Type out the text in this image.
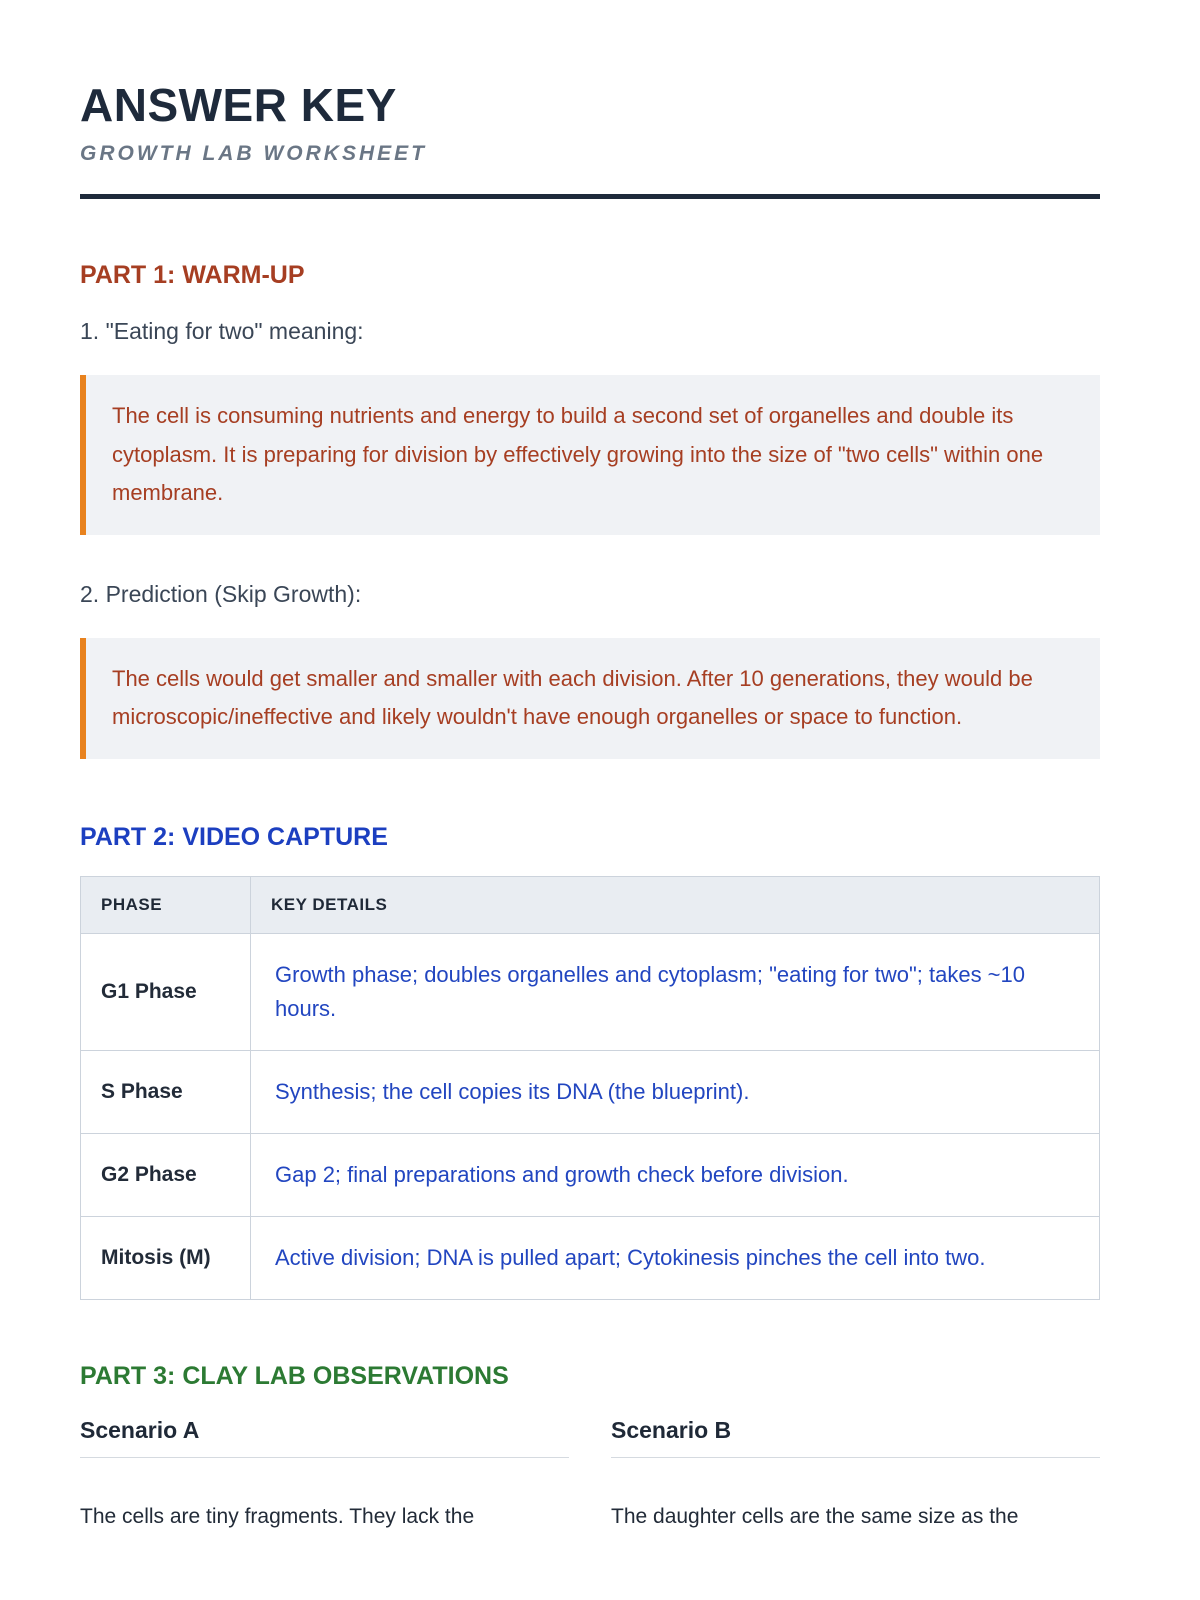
ANSWER KEY
GROWTH LAB WORKSHEET
PART 1: WARM-UP

1. "Eating for two" meaning:

The cell is consuming nutrients and energy to build a second set of organelles and double its cytoplasm. It is preparing for division by effectively growing into the size of "two cells" within one membrane.

2. Prediction (Skip Growth):

The cells would get smaller and smaller with each division. After 10 generations, they would be microscopic/ineffective and likely wouldn't have enough organelles or space to function.

PART 2: VIDEO CAPTURE
PHASE	KEY DETAILS
G1 Phase	Growth phase; doubles organelles and cytoplasm; "eating for two"; takes ~10 hours.
S Phase	Synthesis; the cell copies its DNA (the blueprint).
G2 Phase	Gap 2; final preparations and growth check before division.
Mitosis (M)	Active division; DNA is pulled apart; Cytokinesis pinches the cell into two.
PART 3: CLAY LAB OBSERVATIONS
Scenario A

The cells are tiny fragments. They lack the

Scenario B

The daughter cells are the same size as the
